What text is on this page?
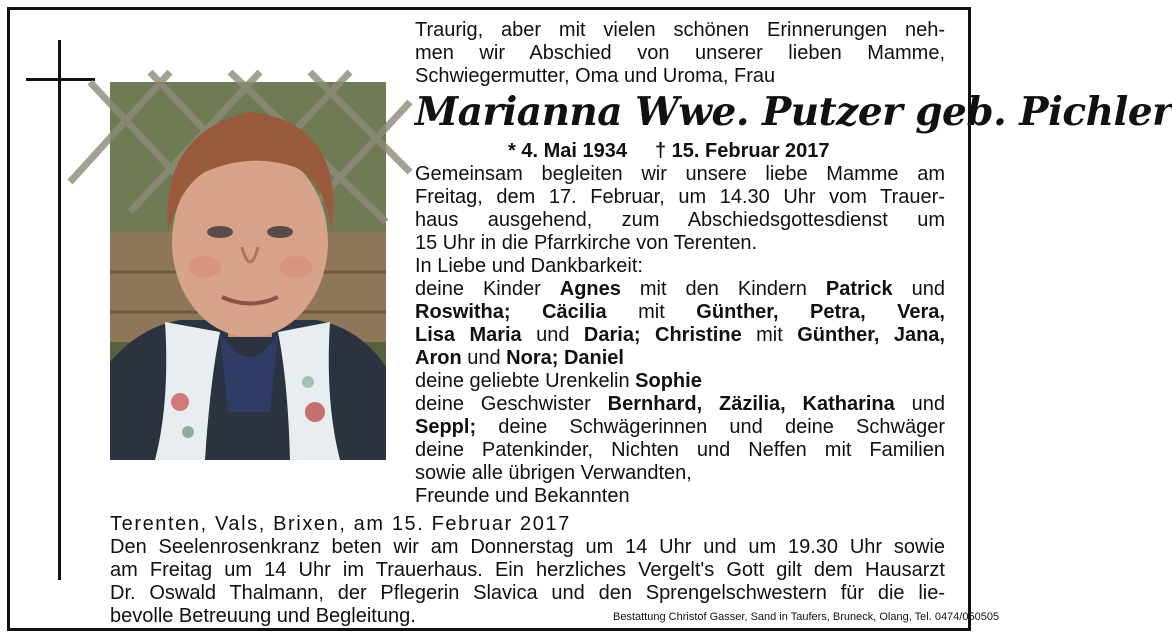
Traurig, aber mit vielen schönen Erinnerungen neh-
men wir Abschied von unserer lieben Mamme,
Schwiegermutter, Oma und Uroma, Frau
Marianna Wwe. Putzer geb. Pichler
* 4. Mai 1934 † 15. Februar 2017
Gemeinsam begleiten wir unsere liebe Mamme am
Freitag, dem 17. Februar, um 14.30 Uhr vom Trauer-
haus ausgehend, zum Abschiedsgottesdienst um
15 Uhr in die Pfarrkirche von Terenten.
In Liebe und Dankbarkeit:
deine Kinder Agnes mit den Kindern Patrick und
Roswitha; Cäcilia mit Günther, Petra, Vera,
Lisa Maria und Daria; Christine mit Günther, Jana,
Aron und Nora; Daniel
deine geliebte Urenkelin Sophie
deine Geschwister Bernhard, Zäzilia, Katharina und
Seppl; deine Schwägerinnen und deine Schwäger
deine Patenkinder, Nichten und Neffen mit Familien
sowie alle übrigen Verwandten,
Freunde und Bekannten
Terenten, Vals, Brixen, am 15. Februar 2017
Den Seelenrosenkranz beten wir am Donnerstag um 14 Uhr und um 19.30 Uhr sowie
am Freitag um 14 Uhr im Trauerhaus. Ein herzliches Vergelt's Gott gilt dem Hausarzt
Dr. Oswald Thalmann, der Pflegerin Slavica und den Sprengelschwestern für die lie-
bevolle Betreuung und Begleitung.	Bestattung Christof Gasser, Sand in Taufers, Bruneck, Olang, Tel. 0474/050505
